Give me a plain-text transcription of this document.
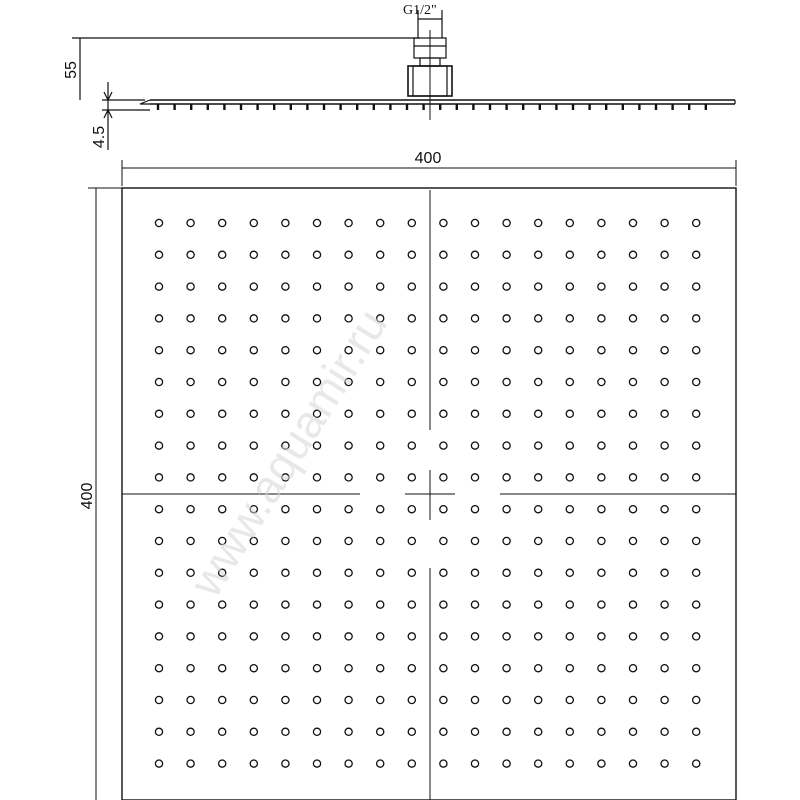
G1/2"
55
4.5
400
400 www.aquamir.ru
